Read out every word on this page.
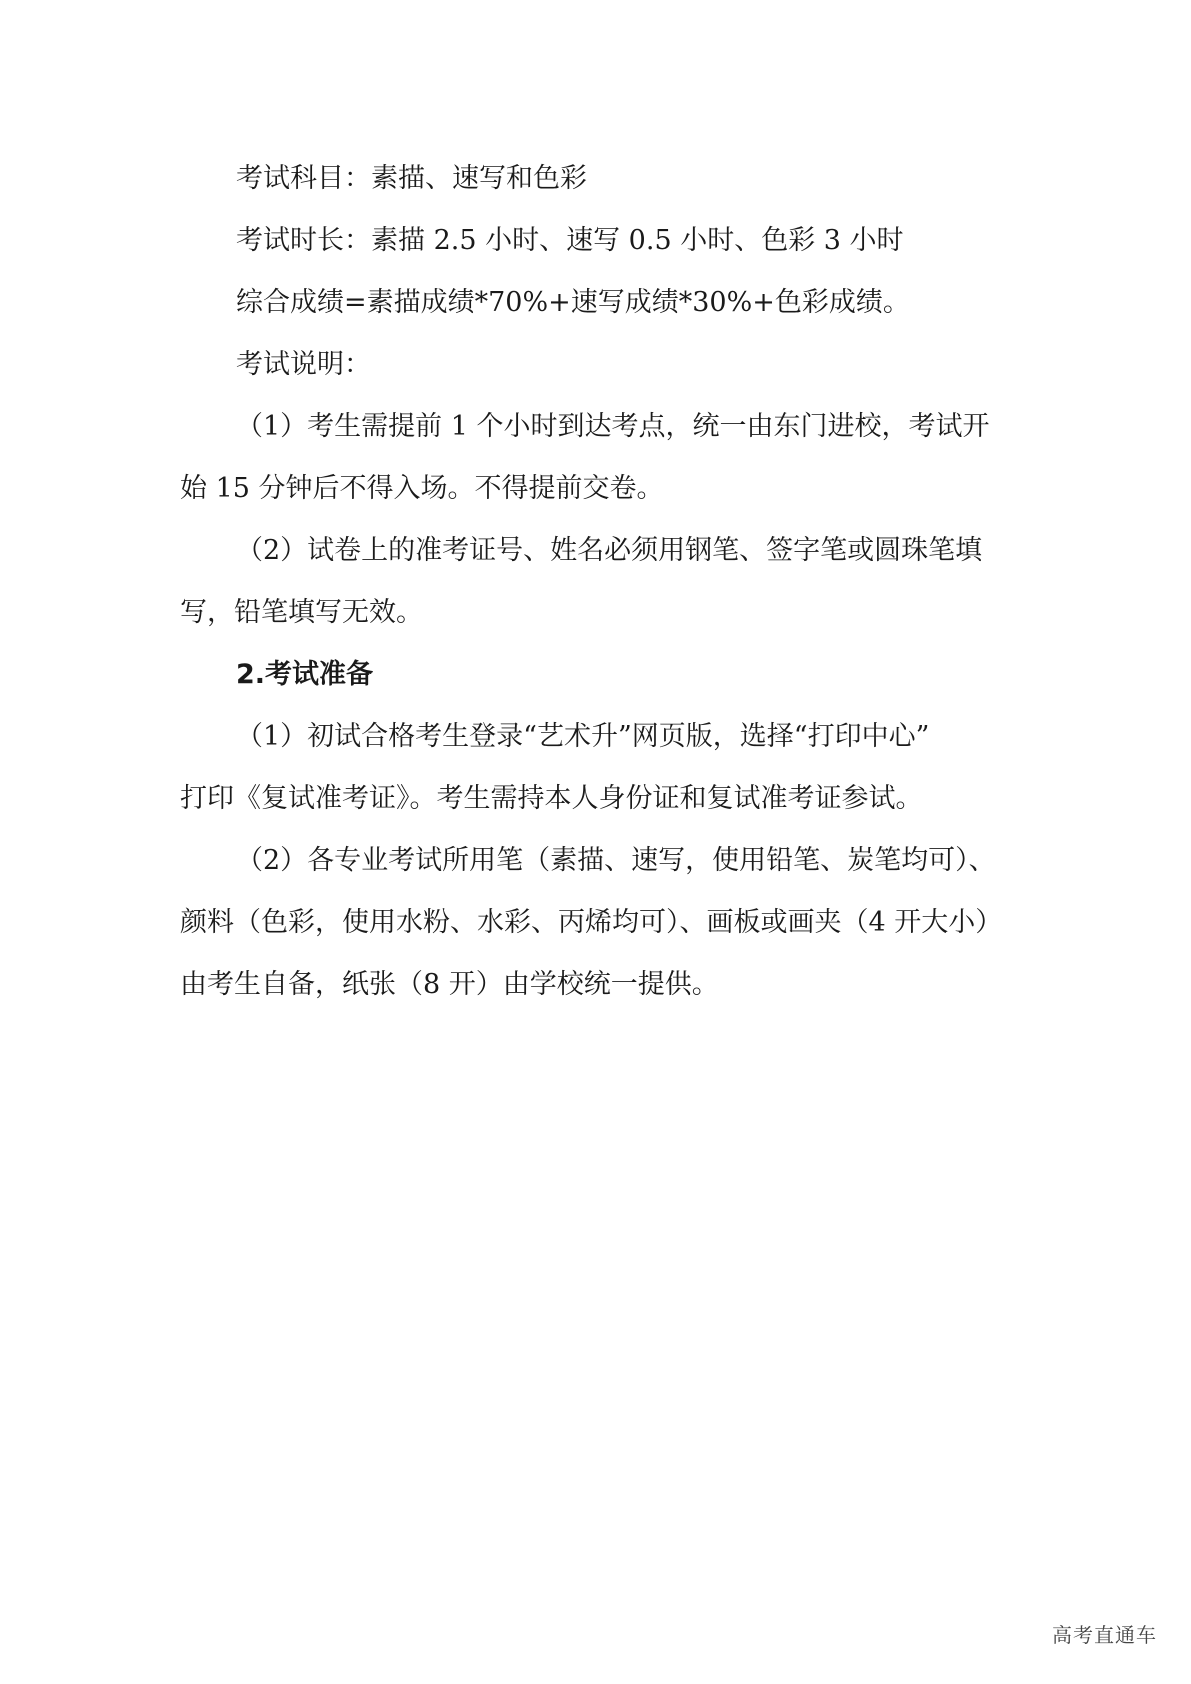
考试科目：素描、速写和色彩

考试时长：素描 2.5 小时、速写 0.5 小时、色彩 3 小时

综合成绩=素描成绩*70%+速写成绩*30%+色彩成绩。

考试说明：

（1）考生需提前 1 个小时到达考点，统一由东门进校，考试开

始 15 分钟后不得入场。不得提前交卷。

（2）试卷上的准考证号、姓名必须用钢笔、签字笔或圆珠笔填

写，铅笔填写无效。

2.考试准备

（1）初试合格考生登录“艺术升”网页版，选择“打印中心”

打印《复试准考证》。考生需持本人身份证和复试准考证参试。

（2）各专业考试所用笔（素描、速写，使用铅笔、炭笔均可）、

颜料（色彩，使用水粉、水彩、丙烯均可）、画板或画夹（4 开大小）

由考生自备，纸张（8 开）由学校统一提供。

高考直通车
